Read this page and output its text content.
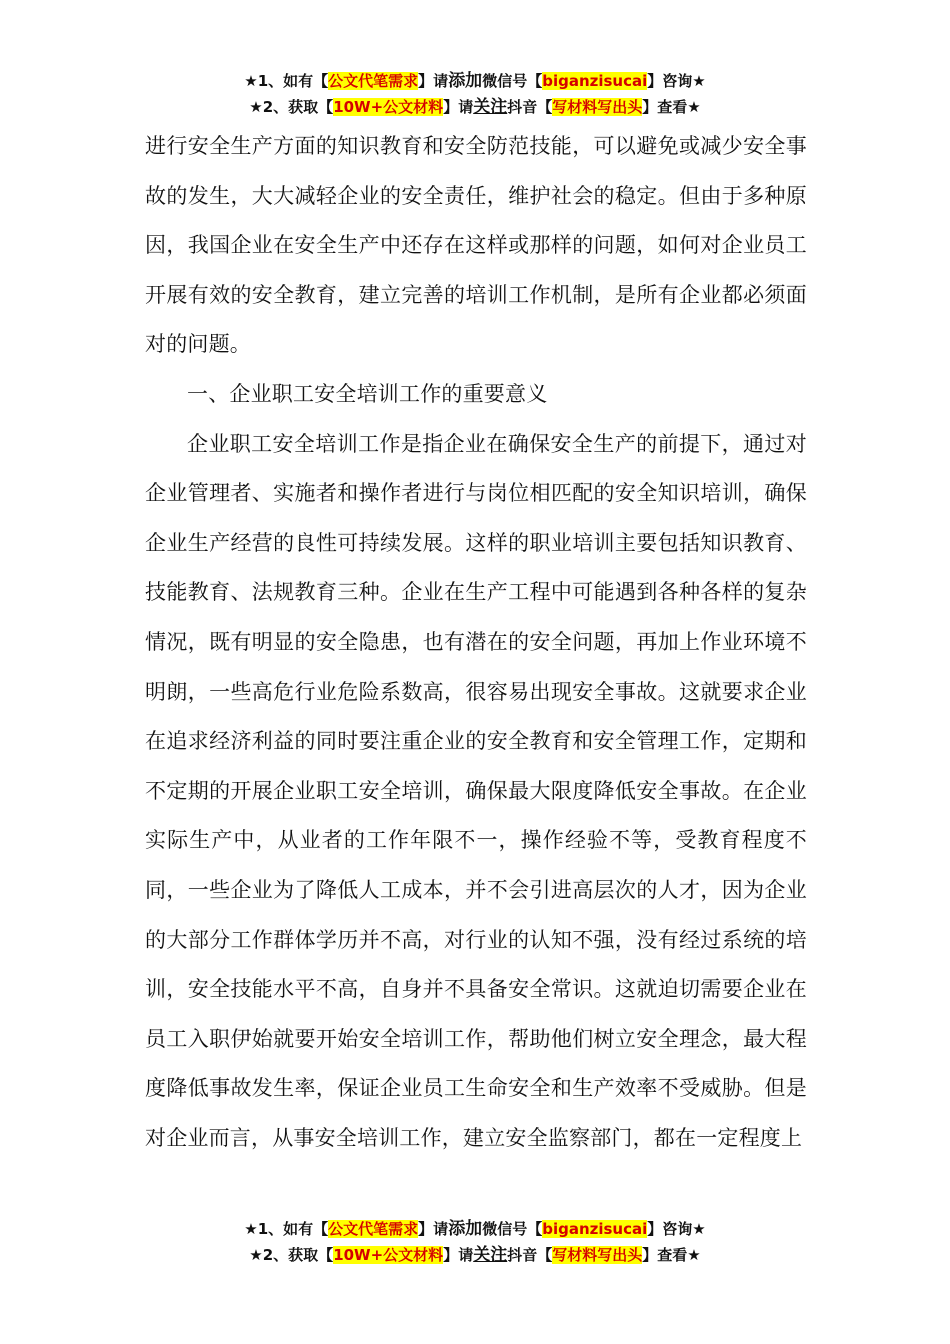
★1、如有【公文代笔需求】请添加微信号【biganzisucai】咨询★
★2、获取【10W+公文材料】请关注抖音【写材料写出头】查看★

进行安全生产方面的知识教育和安全防范技能，可以避免或减少安全事故的发生，大大减轻企业的安全责任，维护社会的稳定。但由于多种原因，我国企业在安全生产中还存在这样或那样的问题，如何对企业员工开展有效的安全教育，建立完善的培训工作机制，是所有企业都必须面对的问题。

一、企业职工安全培训工作的重要意义

企业职工安全培训工作是指企业在确保安全生产的前提下，通过对企业管理者、实施者和操作者进行与岗位相匹配的安全知识培训，确保企业生产经营的良性可持续发展。这样的职业培训主要包括知识教育、技能教育、法规教育三种。企业在生产工程中可能遇到各种各样的复杂情况，既有明显的安全隐患，也有潜在的安全问题，再加上作业环境不明朗，一些高危行业危险系数高，很容易出现安全事故。这就要求企业在追求经济利益的同时要注重企业的安全教育和安全管理工作，定期和不定期的开展企业职工安全培训，确保最大限度降低安全事故。在企业实际生产中，从业者的工作年限不一，操作经验不等，受教育程度不同，一些企业为了降低人工成本，并不会引进高层次的人才，因为企业的大部分工作群体学历并不高，对行业的认知不强，没有经过系统的培训，安全技能水平不高，自身并不具备安全常识。这就迫切需要企业在员工入职伊始就要开始安全培训工作，帮助他们树立安全理念，最大程度降低事故发生率，保证企业员工生命安全和生产效率不受威胁。但是对企业而言，从事安全培训工作，建立安全监察部门，都在一定程度上

★1、如有【公文代笔需求】请添加微信号【biganzisucai】咨询★
★2、获取【10W+公文材料】请关注抖音【写材料写出头】查看★
